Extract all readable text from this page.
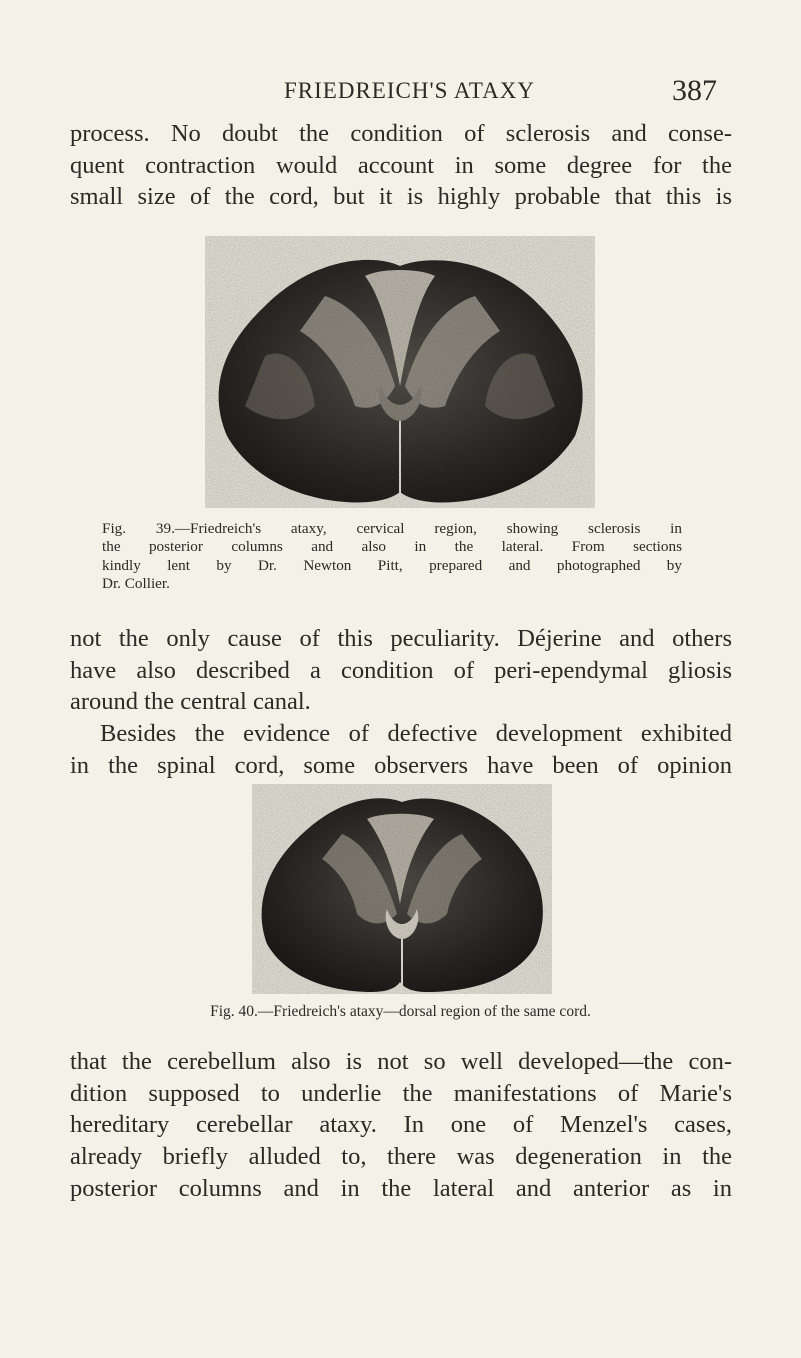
FRIEDREICH'S ATAXY	387

process. No doubt the condition of sclerosis and conse-
quent contraction would account in some degree for the
small size of the cord, but it is highly probable that this is

Fig. 39.—Friedreich's ataxy, cervical region, showing sclerosis in
the posterior columns and also in the lateral. From sections
kindly lent by Dr. Newton Pitt, prepared and photographed by
Dr. Collier.

not the only cause of this peculiarity. Déjerine and others
have also described a condition of peri-ependymal gliosis
around the central canal.

Besides the evidence of defective development exhibited
in the spinal cord, some observers have been of opinion

Fig. 40.—Friedreich's ataxy—dorsal region of the same cord.

that the cerebellum also is not so well developed—the con-
dition supposed to underlie the manifestations of Marie's
hereditary cerebellar ataxy. In one of Menzel's cases,
already briefly alluded to, there was degeneration in the
posterior columns and in the lateral and anterior as in
